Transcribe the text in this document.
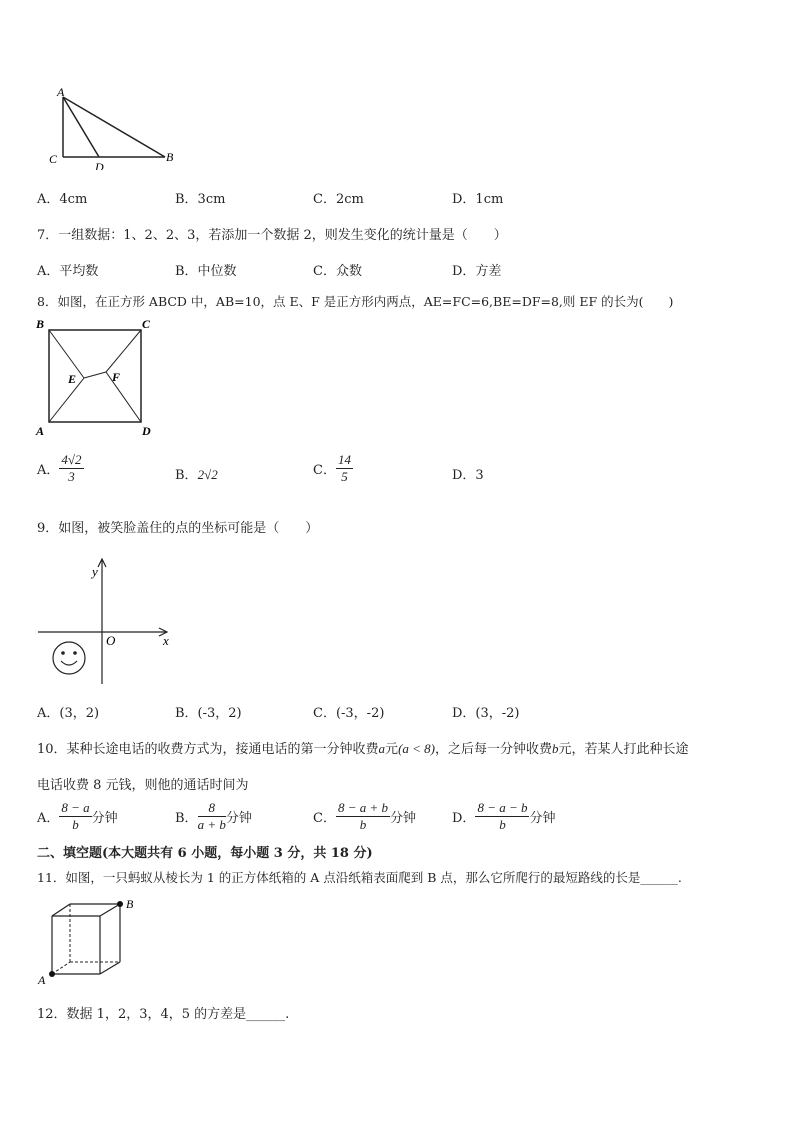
A
C
D
B
A．4cm	B．3cm	C．2cm	D．1cm
7．一组数据：1、2、2、3，若添加一个数据 2，则发生变化的统计量是（　　）
A．平均数	B．中位数	C．众数	D．方差
8．如图，在正方形 ABCD 中，AB=10，点 E、F 是正方形内两点，AE=FC=6,BE=DF=8,则 EF 的长为(　　)
B	C
A	D
E	F
A． $\frac{4√2}{3}$	B．2√2	C． $\frac{14}{5}$	D．3
9．如图，被笑脸盖住的点的坐标可能是（　　）
y
x
O
A．(3，2)	B．(-3，2)	C．(-3，-2)	D．(3，-2)
10．某种长途电话的收费方式为，接通电话的第一分钟收费a元(a < 8)，之后每一分钟收费b元，若某人打此种长途
电话收费 8 元钱，则他的通话时间为
A． $\frac{8 - a}{b}$ 分钟	B． $\frac{8}{a + b}$ 分钟	C． $\frac{8 - a + b}{b}$ 分钟	D． $\frac{8 - a - b}{b}$ 分钟
二、填空题(本大题共有 6 小题，每小题 3 分，共 18 分)
11．如图，一只蚂蚁从棱长为 1 的正方体纸箱的 A 点沿纸箱表面爬到 B 点，那么它所爬行的最短路线的长是______.
A
B
12．数据 1，2，3，4，5 的方差是______.
